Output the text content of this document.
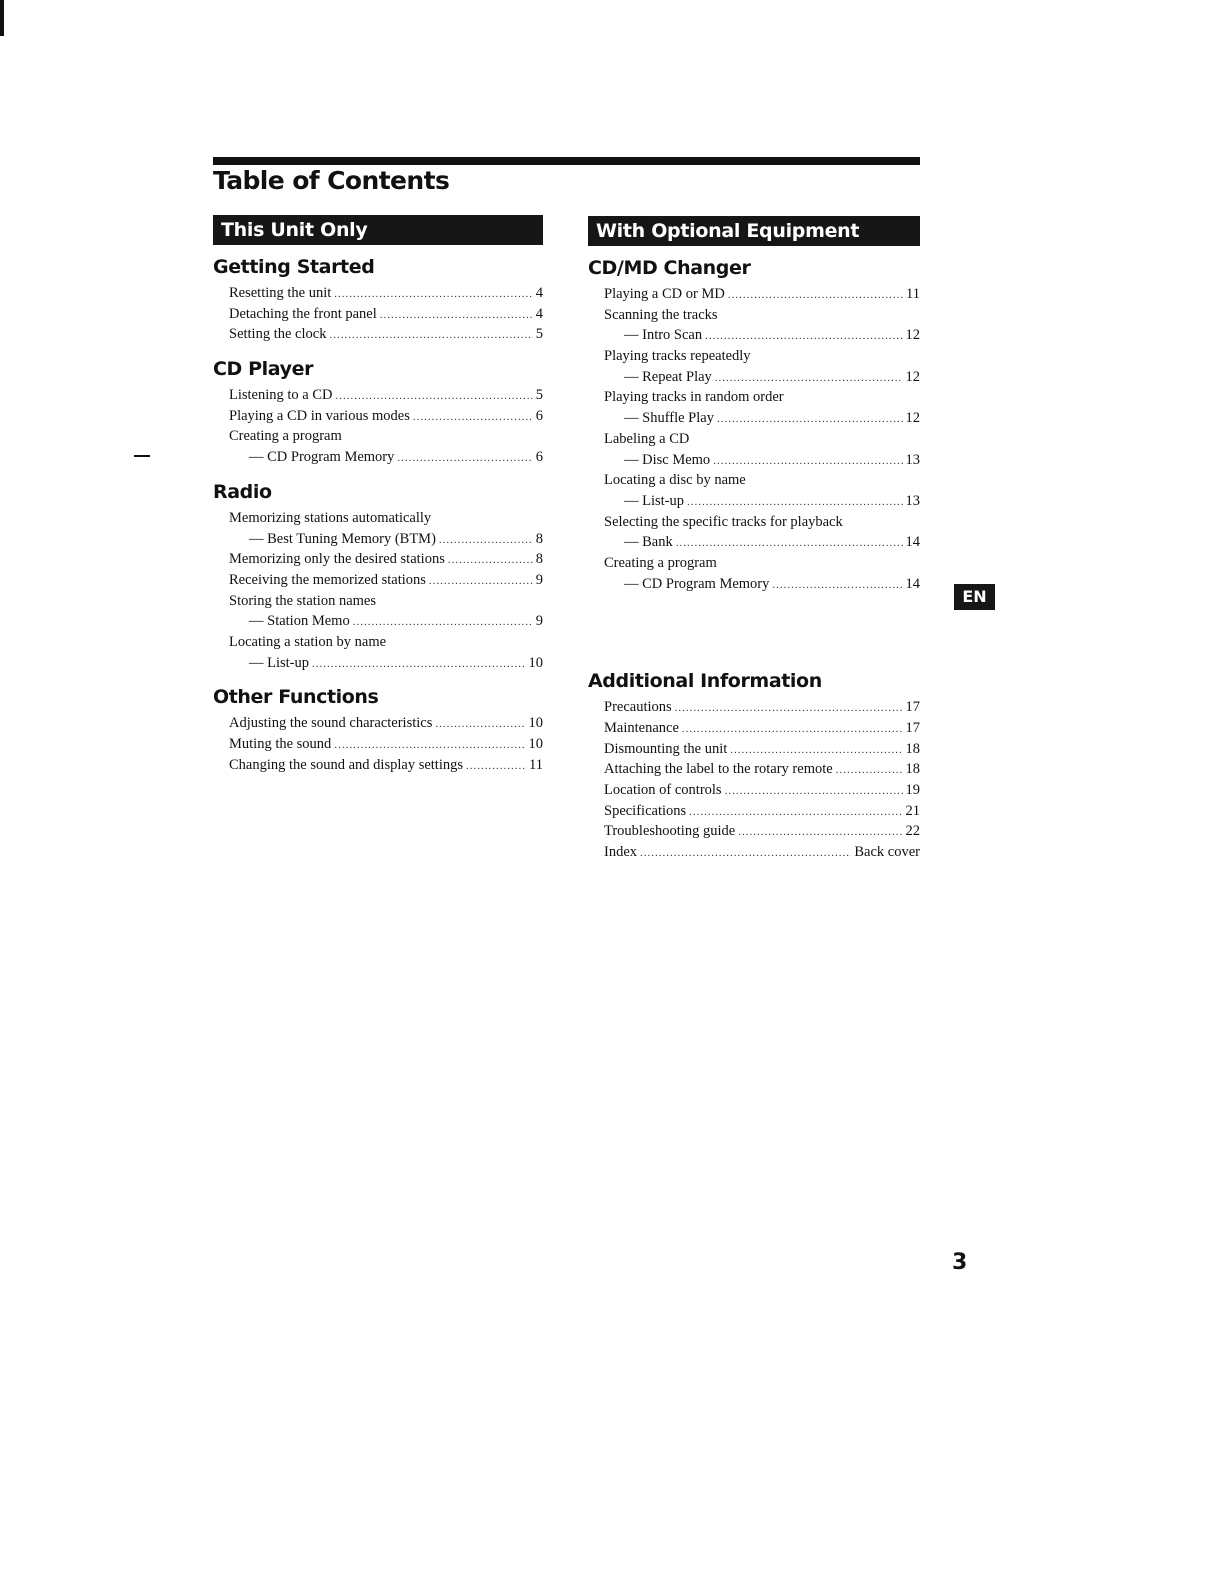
Table of Contents
This Unit Only
Getting Started
Resetting the unit .....	4
Detaching the front panel .....	4
Setting the clock .....	5
CD Player
Listening to a CD .....	5
Playing a CD in various modes .....	6
Creating a program
— CD Program Memory .....	6
Radio
Memorizing stations automatically
— Best Tuning Memory (BTM) .....	8
Memorizing only the desired stations .....	8
Receiving the memorized stations .....	9
Storing the station names
— Station Memo .....	9
Locating a station by name
— List-up .....	10
Other Functions
Adjusting the sound characteristics .....	10
Muting the sound .....	10
Changing the sound and display settings .....	11
With Optional Equipment
CD/MD Changer
Playing a CD or MD .....	11
Scanning the tracks
— Intro Scan .....	12
Playing tracks repeatedly
— Repeat Play .....	12
Playing tracks in random order
— Shuffle Play .....	12
Labeling a CD
— Disc Memo .....	13
Locating a disc by name
— List-up .....	13
Selecting the specific tracks for playback
— Bank .....	14
Creating a program
— CD Program Memory .....	14
Additional Information
Precautions .....	17
Maintenance .....	17
Dismounting the unit .....	18
Attaching the label to the rotary remote .....	18
Location of controls .....	19
Specifications .....	21
Troubleshooting guide .....	22
Index .....	Back cover
EN
3
